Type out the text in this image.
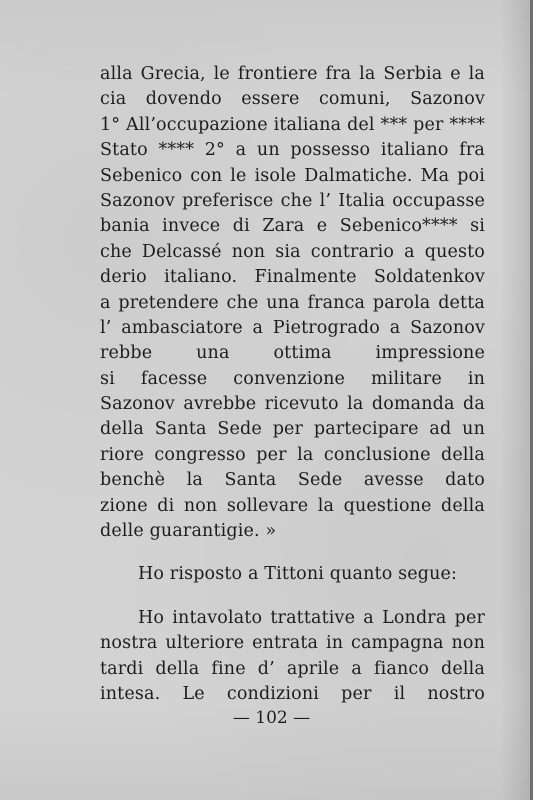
alla Grecia, le frontiere fra la Serbia e la
cia dovendo essere comuni, Sazonov
1° All’occupazione italiana del *** per ****
Stato **** 2° a un possesso italiano fra
Sebenico con le isole Dalmatiche. Ma poi
Sazonov preferisce che l’ Italia occupasse
bania invece di Zara e Sebenico**** si
che Delcassé non sia contrario a questo
derio italiano. Finalmente Soldatenkov
a pretendere che una franca parola detta
l’ ambasciatore a Pietrogrado a Sazonov
rebbe una ottima impressione
si facesse convenzione militare in
Sazonov avrebbe ricevuto la domanda da
della Santa Sede per partecipare ad un
riore congresso per la conclusione della
benchè la Santa Sede avesse dato
zione di non sollevare la questione della
delle guarantigie. »
Ho risposto a Tittoni quanto segue:
Ho intavolato trattative a Londra per
nostra ulteriore entrata in campagna non
tardi della fine d’ aprile a fianco della
intesa. Le condizioni per il nostro
— 102 —
